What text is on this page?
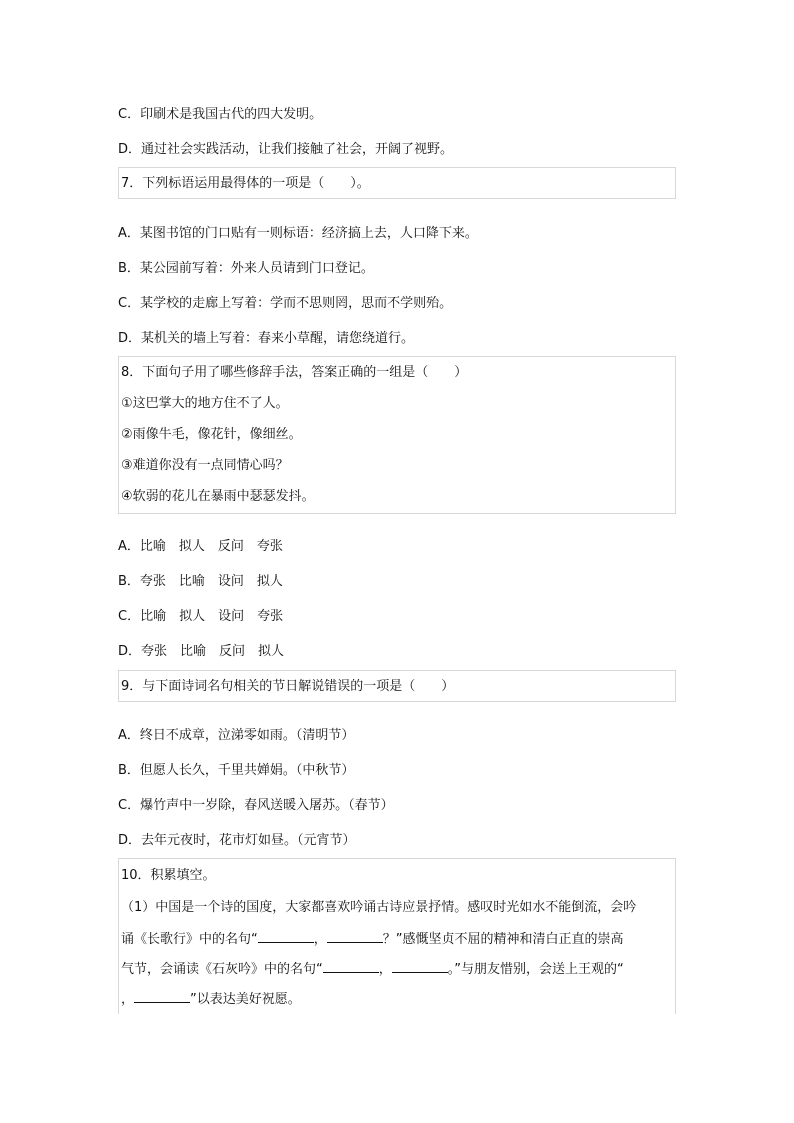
C．印刷术是我国古代的四大发明。
D．通过社会实践活动，让我们接触了社会，开阔了视野。
7．下列标语运用最得体的一项是（　　）。
A．某图书馆的门口贴有一则标语：经济搞上去，人口降下来。
B．某公园前写着：外来人员请到门口登记。
C．某学校的走廊上写着：学而不思则罔，思而不学则殆。
D．某机关的墙上写着：春来小草醒，请您绕道行。
8．下面句子用了哪些修辞手法，答案正确的一组是（　　）
①这巴掌大的地方住不了人。
②雨像牛毛，像花针，像细丝。
③难道你没有一点同情心吗？
④软弱的花儿在暴雨中瑟瑟发抖。
A．比喻　拟人　反问　夸张
B．夸张　比喻　设问　拟人
C．比喻　拟人　设问　夸张
D．夸张　比喻　反问　拟人
9．与下面诗词名句相关的节日解说错误的一项是（　　）
A．终日不成章，泣涕零如雨。（清明节）
B．但愿人长久，千里共婵娟。（中秋节）
C．爆竹声中一岁除，春风送暖入屠苏。（春节）
D．去年元夜时，花市灯如昼。（元宵节）
10．积累填空。
（1）中国是一个诗的国度，大家都喜欢吟诵古诗应景抒情。感叹时光如水不能倒流，会吟
诵《长歌行》中的名句“	，	？”感慨坚贞不屈的精神和清白正直的崇高
气节，会诵读《石灰吟》中的名句“	，	。”与朋友惜别，会送上王观的“
，	”以表达美好祝愿。
